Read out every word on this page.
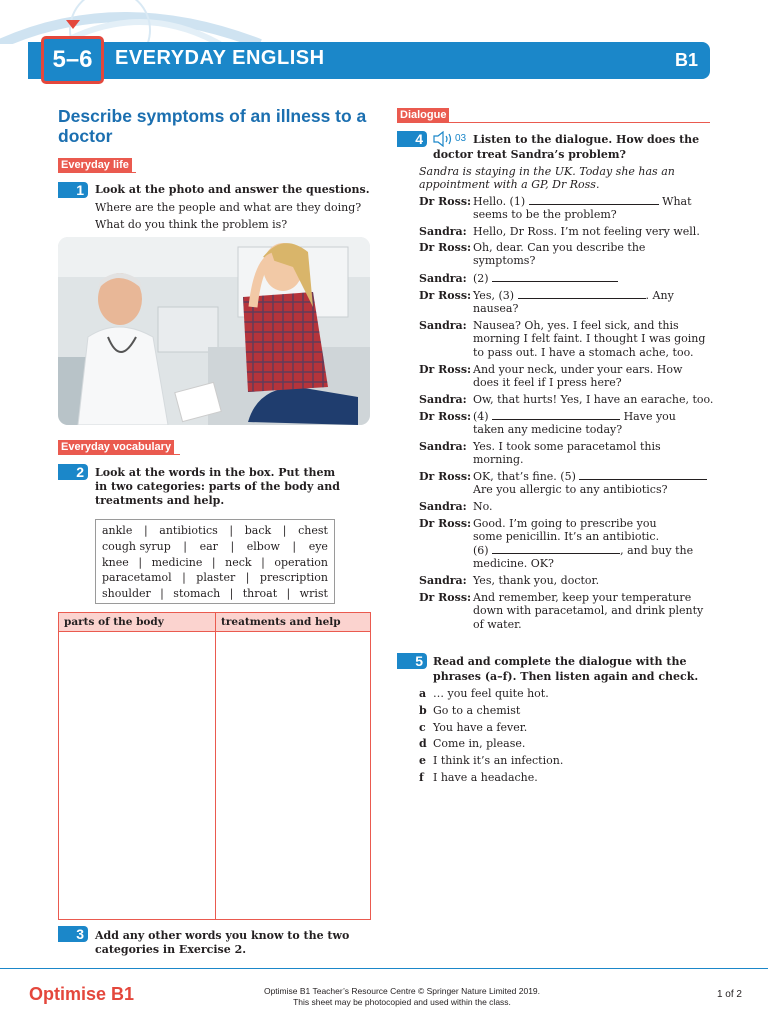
5–6	EVERYDAY ENGLISH	B1
Describe symptoms of an illness to a doctor
Everyday life
1	Look at the photo and answer the questions.
Where are the people and what are they doing?
What do you think the problem is?
Everyday vocabulary
2	Look at the words in the box. Put them
in two categories: parts of the body and
treatments and help.
ankle | antibiotics | back | chest
cough syrup | ear | elbow | eye
knee | medicine | neck | operation
paracetamol | plaster | prescription
shoulder | stomach | throat | wrist
parts of the body	treatments and help
3	Add any other words you know to the two
categories in Exercise 2.
Dialogue
4	03 Listen to the dialogue. How does the
doctor treat Sandra’s problem?
Sandra is staying in the UK. Today she has an
appointment with a GP, Dr Ross.
Dr Ross: Hello. (1)	What
seems to be the problem?
Sandra: Hello, Dr Ross. I’m not feeling very well.
Dr Ross: Oh, dear. Can you describe the
symptoms?
Sandra: (2)
Dr Ross: Yes, (3)	. Any
nausea?
Sandra: Nausea? Oh, yes. I feel sick, and this
morning I felt faint. I thought I was going
to pass out. I have a stomach ache, too.
Dr Ross: And your neck, under your ears. How
does it feel if I press here?
Sandra: Ow, that hurts! Yes, I have an earache, too.
Dr Ross: (4)	Have you
taken any medicine today?
Sandra: Yes. I took some paracetamol this
morning.
Dr Ross: OK, that’s fine. (5)
Are you allergic to any antibiotics?
Sandra: No.
Dr Ross: Good. I’m going to prescribe you
some penicillin. It’s an antibiotic.
(6)	, and buy the
medicine. OK?
Sandra: Yes, thank you, doctor.
Dr Ross: And remember, keep your temperature
down with paracetamol, and drink plenty
of water.
5 Read and complete the dialogue with the
phrases (a–f). Then listen again and check.
a … you feel quite hot.
b Go to a chemist
c You have a fever.
d Come in, please.
e I think it’s an infection.
f I have a headache.
Optimise B1	Optimise B1 Teacher’s Resource Centre © Springer Nature Limited 2019.
This sheet may be photocopied and used within the class.
1 of 2
